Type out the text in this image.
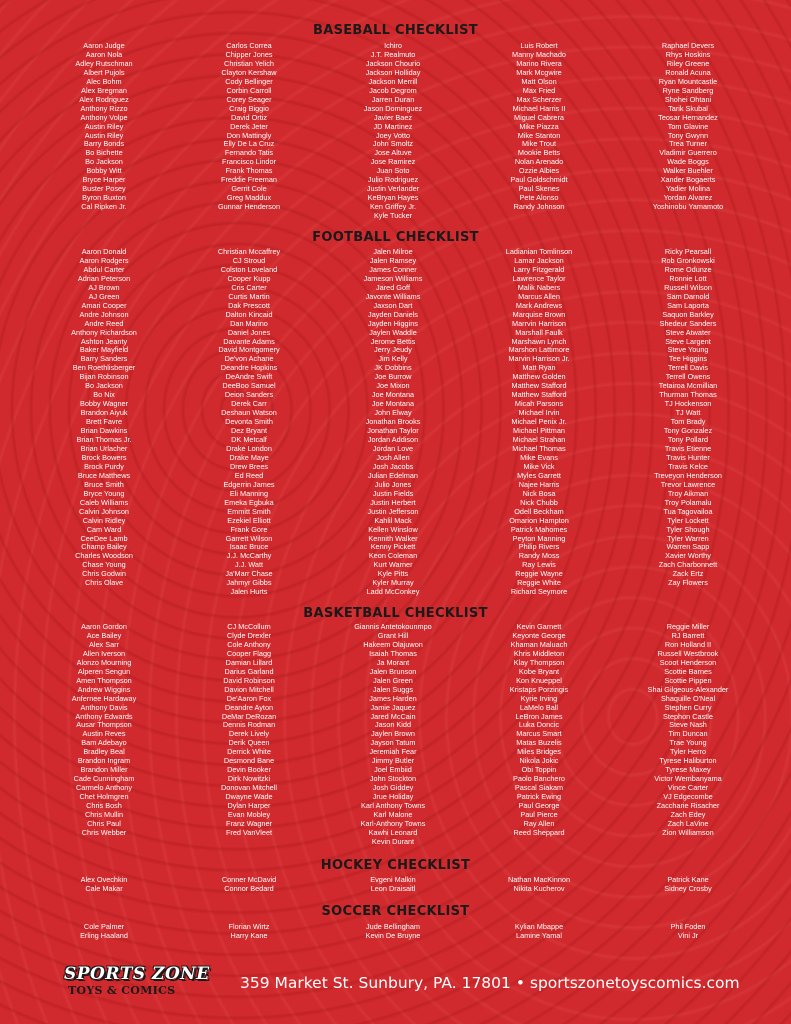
BASEBALL CHECKLIST
Aaron Judge
Aaron Nola
Adley Rutschman
Albert Pujols
Alec Bohm
Alex Bregman
Alex Rodriguez
Anthony Rizzo
Anthony Volpe
Austin Riley
Austin Riley
Barry Bonds
Bo Bichette
Bo Jackson
Bobby Witt
Bryce Harper
Buster Posey
Byron Buxton
Cal Ripken Jr.
Carlos Correa
Chipper Jones
Christian Yelich
Clayton Kershaw
Cody Bellinger
Corbin Carroll
Corey Seager
Craig Biggio
David Ortiz
Derek Jeter
Don Mattingly
Elly De La Cruz
Fernando Tatis
Francisco Lindor
Frank Thomas
Freddie Freeman
Gerrit Cole
Greg Maddux
Gunnar Henderson
Ichiro
J.T. Realmuto
Jackson Chourio
Jackson Holliday
Jackson Merrill
Jacob Degrom
Jarren Duran
Jason Dominguez
Javier Baez
JD Martinez
Joey Votto
John Smoltz
Jose Altuve
Jose Ramirez
Juan Soto
Julio Rodriguez
Justin Verlander
KeBryan Hayes
Ken Griffey Jr.
Kyle Tucker
Luis Robert
Manny Machado
Marino Rivera
Mark Mcgwire
Matt Olson
Max Fried
Max Scherzer
Michael Harris II
Miguel Cabrera
Mike Piazza
Mike Stanton
Mike Trout
Mookie Betts
Nolan Arenado
Ozzie Albies
Paul Goldschmidt
Paul Skenes
Pete Alonso
Randy Johnson
Raphael Devers
Rhys Hoskins
Riley Greene
Ronald Acuna
Ryan Mountcastle
Ryne Sandberg
Shohei Ohtani
Tarik Skubal
Teosar Hernandez
Tom Glavine
Tony Gwynn
Trea Turner
Vladimir Guerrero
Wade Boggs
Walker Buehler
Xander Bogaerts
Yadier Molina
Yordan Alvarez
Yoshinobu Yamamoto
FOOTBALL CHECKLIST
Aaron Donald
Aaron Rodgers
Abdul Carter
Adrian Peterson
AJ Brown
AJ Green
Amari Cooper
Andre Johnson
Andre Reed
Anthony Richardson
Ashton Jeanty
Baker Mayfield
Barry Sanders
Ben Roethlisberger
Bijan Robinson
Bo Jackson
Bo Nix
Bobby Wagner
Brandon Aiyuk
Brett Favre
Brian Dawkins
Brian Thomas Jr.
Brian Urlacher
Brock Bowers
Brock Purdy
Bruce Matthews
Bruce Smith
Bryce Young
Caleb Williams
Calvin Johnson
Calvin Ridley
Cam Ward
CeeDee Lamb
Champ Bailey
Charles Woodson
Chase Young
Chris Godwin
Chris Olave
Christian Mccaffrey
CJ Stroud
Colston Loveland
Cooper Kupp
Cris Carter
Curtis Martin
Dak Prescott
Dalton Kincaid
Dan Marino
Daniel Jones
Davante Adams
David Montgomery
De'von Achane
Deandre Hopkins
DeAndre Swift
DeeBoo Samuel
Deion Sanders
Derek Carr
Deshaun Watson
Devonta Smith
Dez Bryant
DK Metcalf
Drake London
Drake Maye
Drew Brees
Ed Reed
Edgerrin James
Eli Manning
Emeka Egbuka
Emmitt Smith
Ezekiel Elliott
Frank Gore
Garrett Wilson
Isaac Bruce
J.J. McCarthy
J.J. Watt
Ja'Marr Chase
Jahmyr Gibbs
Jalen Hurts
Jalen Milroe
Jalen Ramsey
James Conner
Jameson Williams
Jared Goff
Javonte Williams
Jaxson Dart
Jayden Daniels
Jayden Higgins
Jaylen Waddle
Jerome Bettis
Jerry Jeudy
Jim Kelly
JK Dobbins
Joe Burrow
Joe Mixon
Joe Montana
Joe Montana
John Elway
Jonathan Brooks
Jonathan Taylor
Jordan Addison
Jordan Love
Josh Allen
Josh Jacobs
Julian Edelman
Julio Jones
Justin Fields
Justin Herbert
Justin Jefferson
Kahlil Mack
Kellen Winslow
Kennith Walker
Kenny Pickett
Keon Coleman
Kurt Warner
Kyle Pitts
Kyler Murray
Ladd McConkey
Ladianian Tomlinson
Lamar Jackson
Larry Fitzgerald
Lawrence Taylor
Malik Nabers
Marcus Allen
Mark Andrews
Marquise Brown
Marrvin Harrison
Marshall Faulk
Marshawn Lynch
Marshon Lattimore
Marvin Harrison Jr.
Matt Ryan
Matthew Golden
Matthew Stafford
Matthew Stafford
Micah Parsons
Michael Irvin
Michael Penix Jr.
Michael Pittman
Michael Strahan
Michael Thomas
Mike Evans
Mike Vick
Myles Garrett
Najee Harris
Nick Bosa
Nick Chubb
Odell Beckham
Omarion Hampton
Patrick Mahomes
Peyton Manning
Philip Rivers
Randy Moss
Ray Lewis
Reggie Wayne
Reggie White
Richard Seymore
Ricky Pearsall
Rob Gronkowski
Rome Odunze
Ronnie Lott
Russell Wilson
Sam Darnold
Sam Laporta
Saquon Barkley
Shedeur Sanders
Steve Atwater
Steve Largent
Steve Young
Tee Higgins
Terrell Davis
Terrell Owens
Tetairoa Mcmillian
Thurman Thomas
TJ Hockenson
TJ Watt
Tom Brady
Tony Gonzalez
Tony Pollard
Travis Etienne
Travis Hunter
Travis Kelce
Treveyon Henderson
Trevor Lawrence
Troy Aikman
Troy Polamalu
Tua Tagovailoa
Tyler Lockett
Tyler Shough
Tyler Warren
Warren Sapp
Xavier Worthy
Zach Charbonnett
Zack Ertz
Zay Flowers
BASKETBALL CHECKLIST
Aaron Gordon
Ace Bailey
Alex Sarr
Allen Iverson
Alonzo Mourning
Alperen Sengun
Amen Thompson
Andrew Wiggins
Anfernee Hardaway
Anthony Davis
Anthony Edwards
Ausar Thompson
Austin Reves
Bam Adebayo
Bradley Beal
Brandon Ingram
Brandon Miller
Cade Cunningham
Carmelo Anthony
Chet Holmgren
Chris Bosh
Chris Mullin
Chris Paul
Chris Webber
CJ McCollum
Clyde Drexler
Cole Anthony
Cooper Flagg
Damian Lillard
Darius Garland
David Robinson
Davion Mitchell
De'Aaron Fox
Deandre Ayton
DeMar DeRozan
Dennis Rodman
Derek Lively
Derik Queen
Derrick White
Desmond Bane
Devin Booker
Dirk Nowitzki
Donovan Mitchell
Dwayne Wade
Dylan Harper
Evan Mobley
Franz Wagner
Fred VanVleet
Giannis Antetokounmpo
Grant Hill
Hakeem Olajuwon
Isaiah Thomas
Ja Morant
Jalen Brunson
Jalen Green
Jalen Suggs
James Harden
Jamie Jaquez
Jared McCain
Jason Kidd
Jaylen Brown
Jayson Tatum
Jeremiah Fear
Jimmy Butler
Joel Embiid
John Stockton
Josh Giddey
Jrue Holiday
Karl Anthony Towns
Karl Malone
Karl-Anthony Towns
Kawhi Leonard
Kevin Durant
Kevin Garnett
Keyonte George
Khaman Maluach
Khris Middleton
Klay Thompson
Kobe Bryant
Kon Knueppel
Kristaps Porzingis
Kyrie Irving
LaMelo Ball
LeBron James
Luka Doncic
Marcus Smart
Matas Buzelis
Miles Bridges
Nikola Jokic
Obi Toppin
Paolo Banchero
Pascal Siakam
Patrick Ewing
Paul George
Paul Pierce
Ray Allen
Reed Sheppard
Reggie Miller
RJ Barrett
Ron Holland II
Russell Westbrook
Scoot Henderson
Scottie Barnes
Scottie Pippen
Shai Gilgeous-Alexander
Shaquille O'Neal
Stephen Curry
Stephon Castle
Steve Nash
Tim Duncan
Trae Young
Tyler Herro
Tyrese Haliburton
Tyrese Maxey
Victor Wembanyama
Vince Carter
VJ Edgecombe
Zaccharie Risacher
Zach Edey
Zach LaVine
Zion Williamson
HOCKEY CHECKLIST
Alex Ovechkin
Cale Makar
Conner McDavid
Connor Bedard
Evgeni Malkin
Leon Draisaitl
Nathan MacKinnon
Nikita Kucherov
Patrick Kane
Sidney Crosby
SOCCER CHECKLIST
Cole Palmer
Erling Haaland
Florian Wirtz
Harry Kane
Jude Bellingham
Kevin De Bruyne
Kylian Mbappe
Lamine Yamal
Phil Foden
Vini Jr
SPORTS ZONE
TOYS & COMICS	359 Market St. Sunbury, PA. 17801 • sportszonetoyscomics.com
